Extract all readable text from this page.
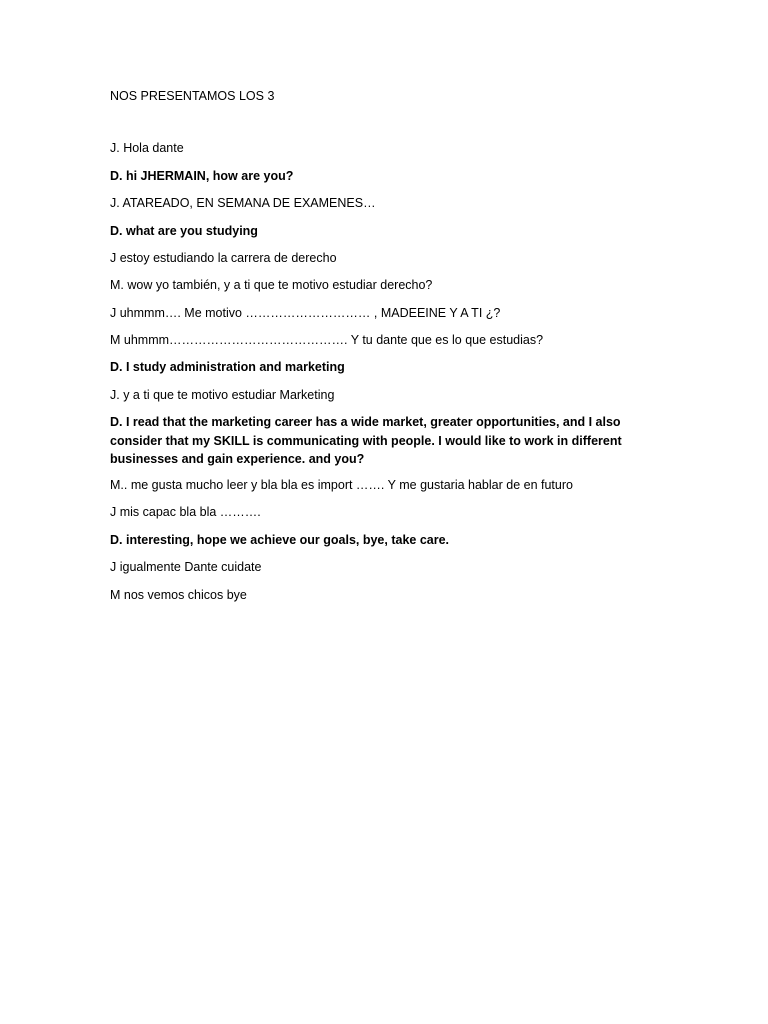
NOS PRESENTAMOS LOS 3
J. Hola dante
D. hi JHERMAIN, how are you?
J. ATAREADO, EN SEMANA DE EXAMENES…
D. what are you studying
J estoy estudiando la carrera de derecho
M. wow yo también, y a ti que te motivo estudiar derecho?
J uhmmm…. Me motivo ………………………… , MADEEINE Y A TI ¿?
M uhmmm……………………………………. Y tu dante que es lo que estudias?
D. I study administration and marketing
J. y a ti que te motivo estudiar Marketing
D. I read that the marketing career has a wide market, greater opportunities, and I also
consider that my SKILL is communicating with people. I would like to work in different
businesses and gain experience. and you?
M.. me gusta mucho leer y bla bla es import ……. Y me gustaria hablar de en futuro
J mis capac bla bla ……….
D. interesting, hope we achieve our goals, bye, take care.
J igualmente Dante cuidate
M nos vemos chicos bye
